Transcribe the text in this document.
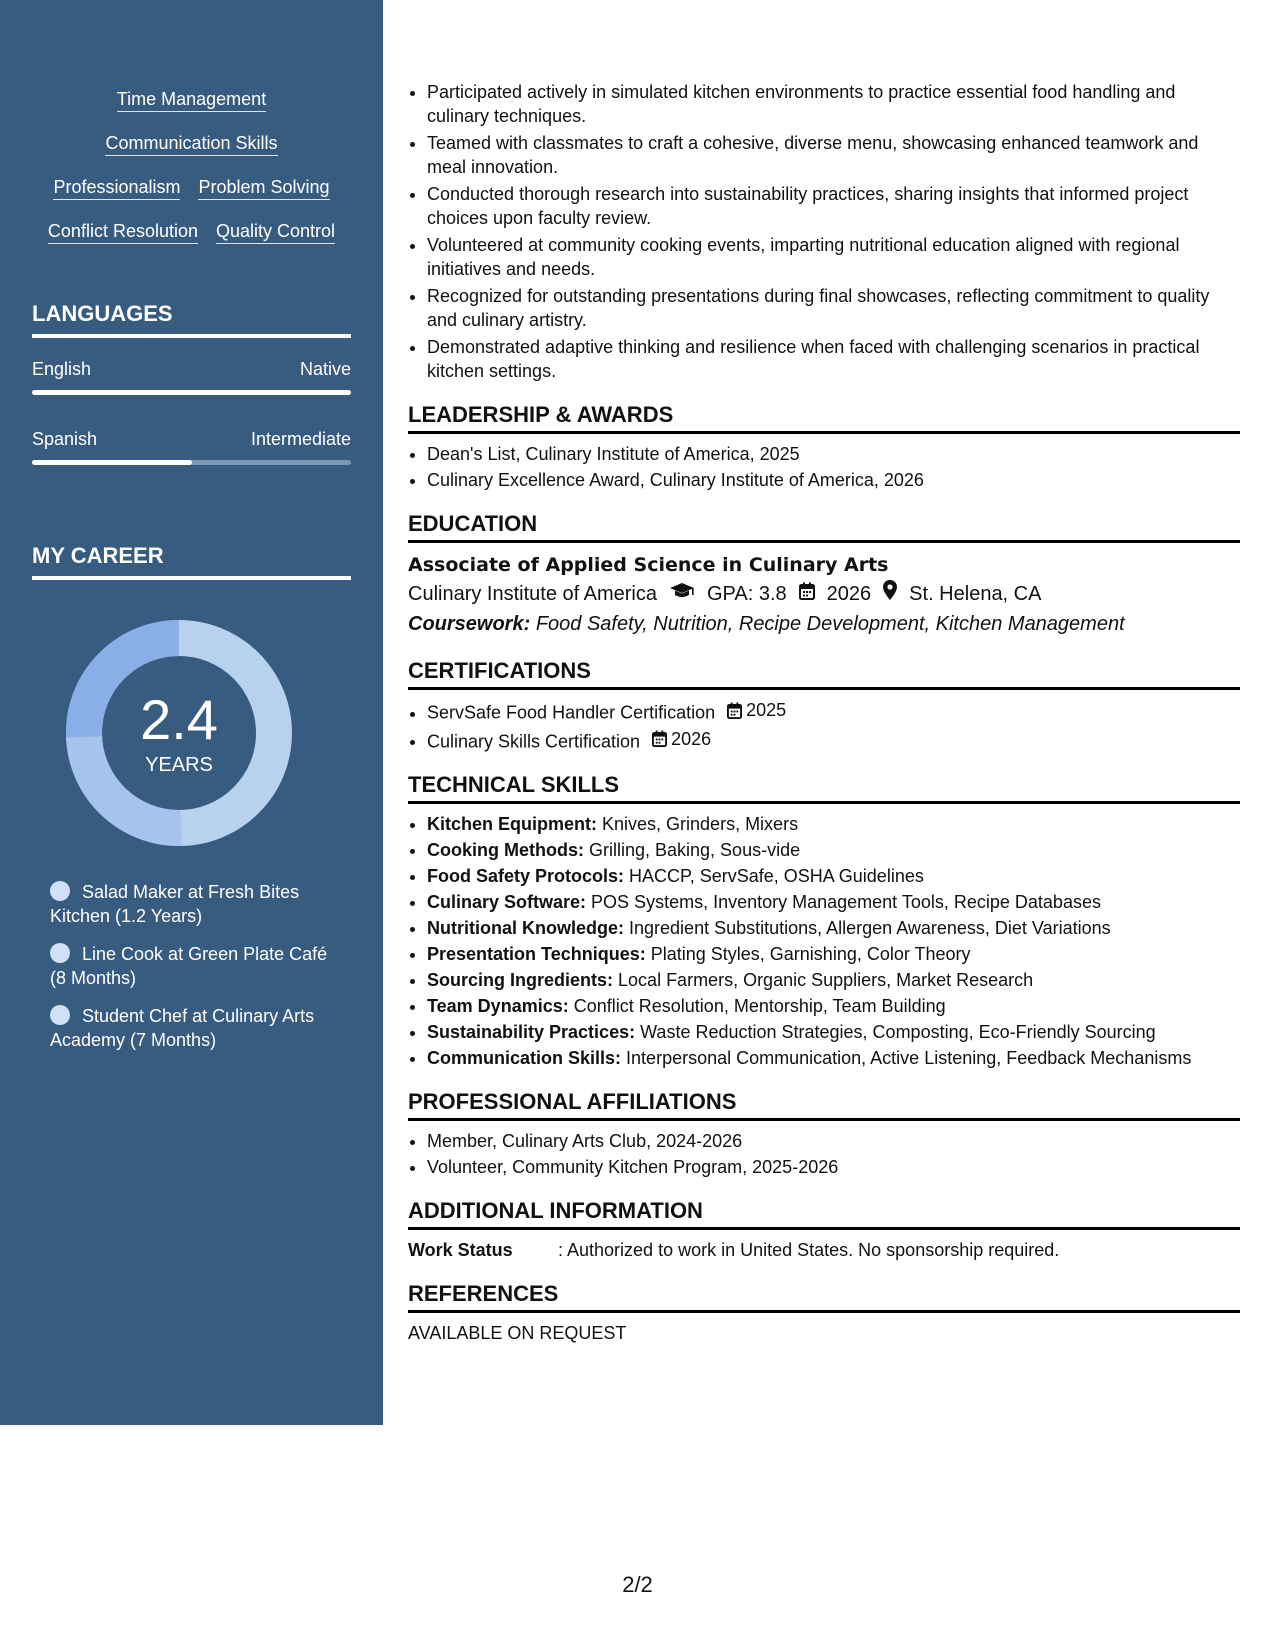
Time Management
Communication Skills
Professionalism Problem Solving
Conflict Resolution Quality Control
LANGUAGES
English	Native
Spanish	Intermediate
MY CAREER
2.4
YEARS
Salad Maker at Fresh Bites Kitchen (1.2 Years)
Line Cook at Green Plate Café (8 Months)
Student Chef at Culinary Arts Academy (7 Months)
• Participated actively in simulated kitchen environments to practice essential food handling and culinary techniques.
• Teamed with classmates to craft a cohesive, diverse menu, showcasing enhanced teamwork and meal innovation.
• Conducted thorough research into sustainability practices, sharing insights that informed project choices upon faculty review.
• Volunteered at community cooking events, imparting nutritional education aligned with regional initiatives and needs.
• Recognized for outstanding presentations during final showcases, reflecting commitment to quality and culinary artistry.
• Demonstrated adaptive thinking and resilience when faced with challenging scenarios in practical kitchen settings.
LEADERSHIP & AWARDS
• Dean's List, Culinary Institute of America, 2025
• Culinary Excellence Award, Culinary Institute of America, 2026
EDUCATION
Associate of Applied Science in Culinary Arts
Culinary Institute of America	GPA: 3.8 2026 St. Helena, CA
Coursework: Food Safety, Nutrition, Recipe Development, Kitchen Management
CERTIFICATIONS
• ServSafe Food Handler Certification 2025
• Culinary Skills Certification 2026
TECHNICAL SKILLS
• Kitchen Equipment: Knives, Grinders, Mixers
• Cooking Methods: Grilling, Baking, Sous-vide
• Food Safety Protocols: HACCP, ServSafe, OSHA Guidelines
• Culinary Software: POS Systems, Inventory Management Tools, Recipe Databases
• Nutritional Knowledge: Ingredient Substitutions, Allergen Awareness, Diet Variations
• Presentation Techniques: Plating Styles, Garnishing, Color Theory
• Sourcing Ingredients: Local Farmers, Organic Suppliers, Market Research
• Team Dynamics: Conflict Resolution, Mentorship, Team Building
• Sustainability Practices: Waste Reduction Strategies, Composting, Eco-Friendly Sourcing
• Communication Skills: Interpersonal Communication, Active Listening, Feedback Mechanisms
PROFESSIONAL AFFILIATIONS
• Member, Culinary Arts Club, 2024-2026
• Volunteer, Community Kitchen Program, 2025-2026
ADDITIONAL INFORMATION
Work Status	: Authorized to work in United States. No sponsorship required.
REFERENCES
AVAILABLE ON REQUEST
2/2
